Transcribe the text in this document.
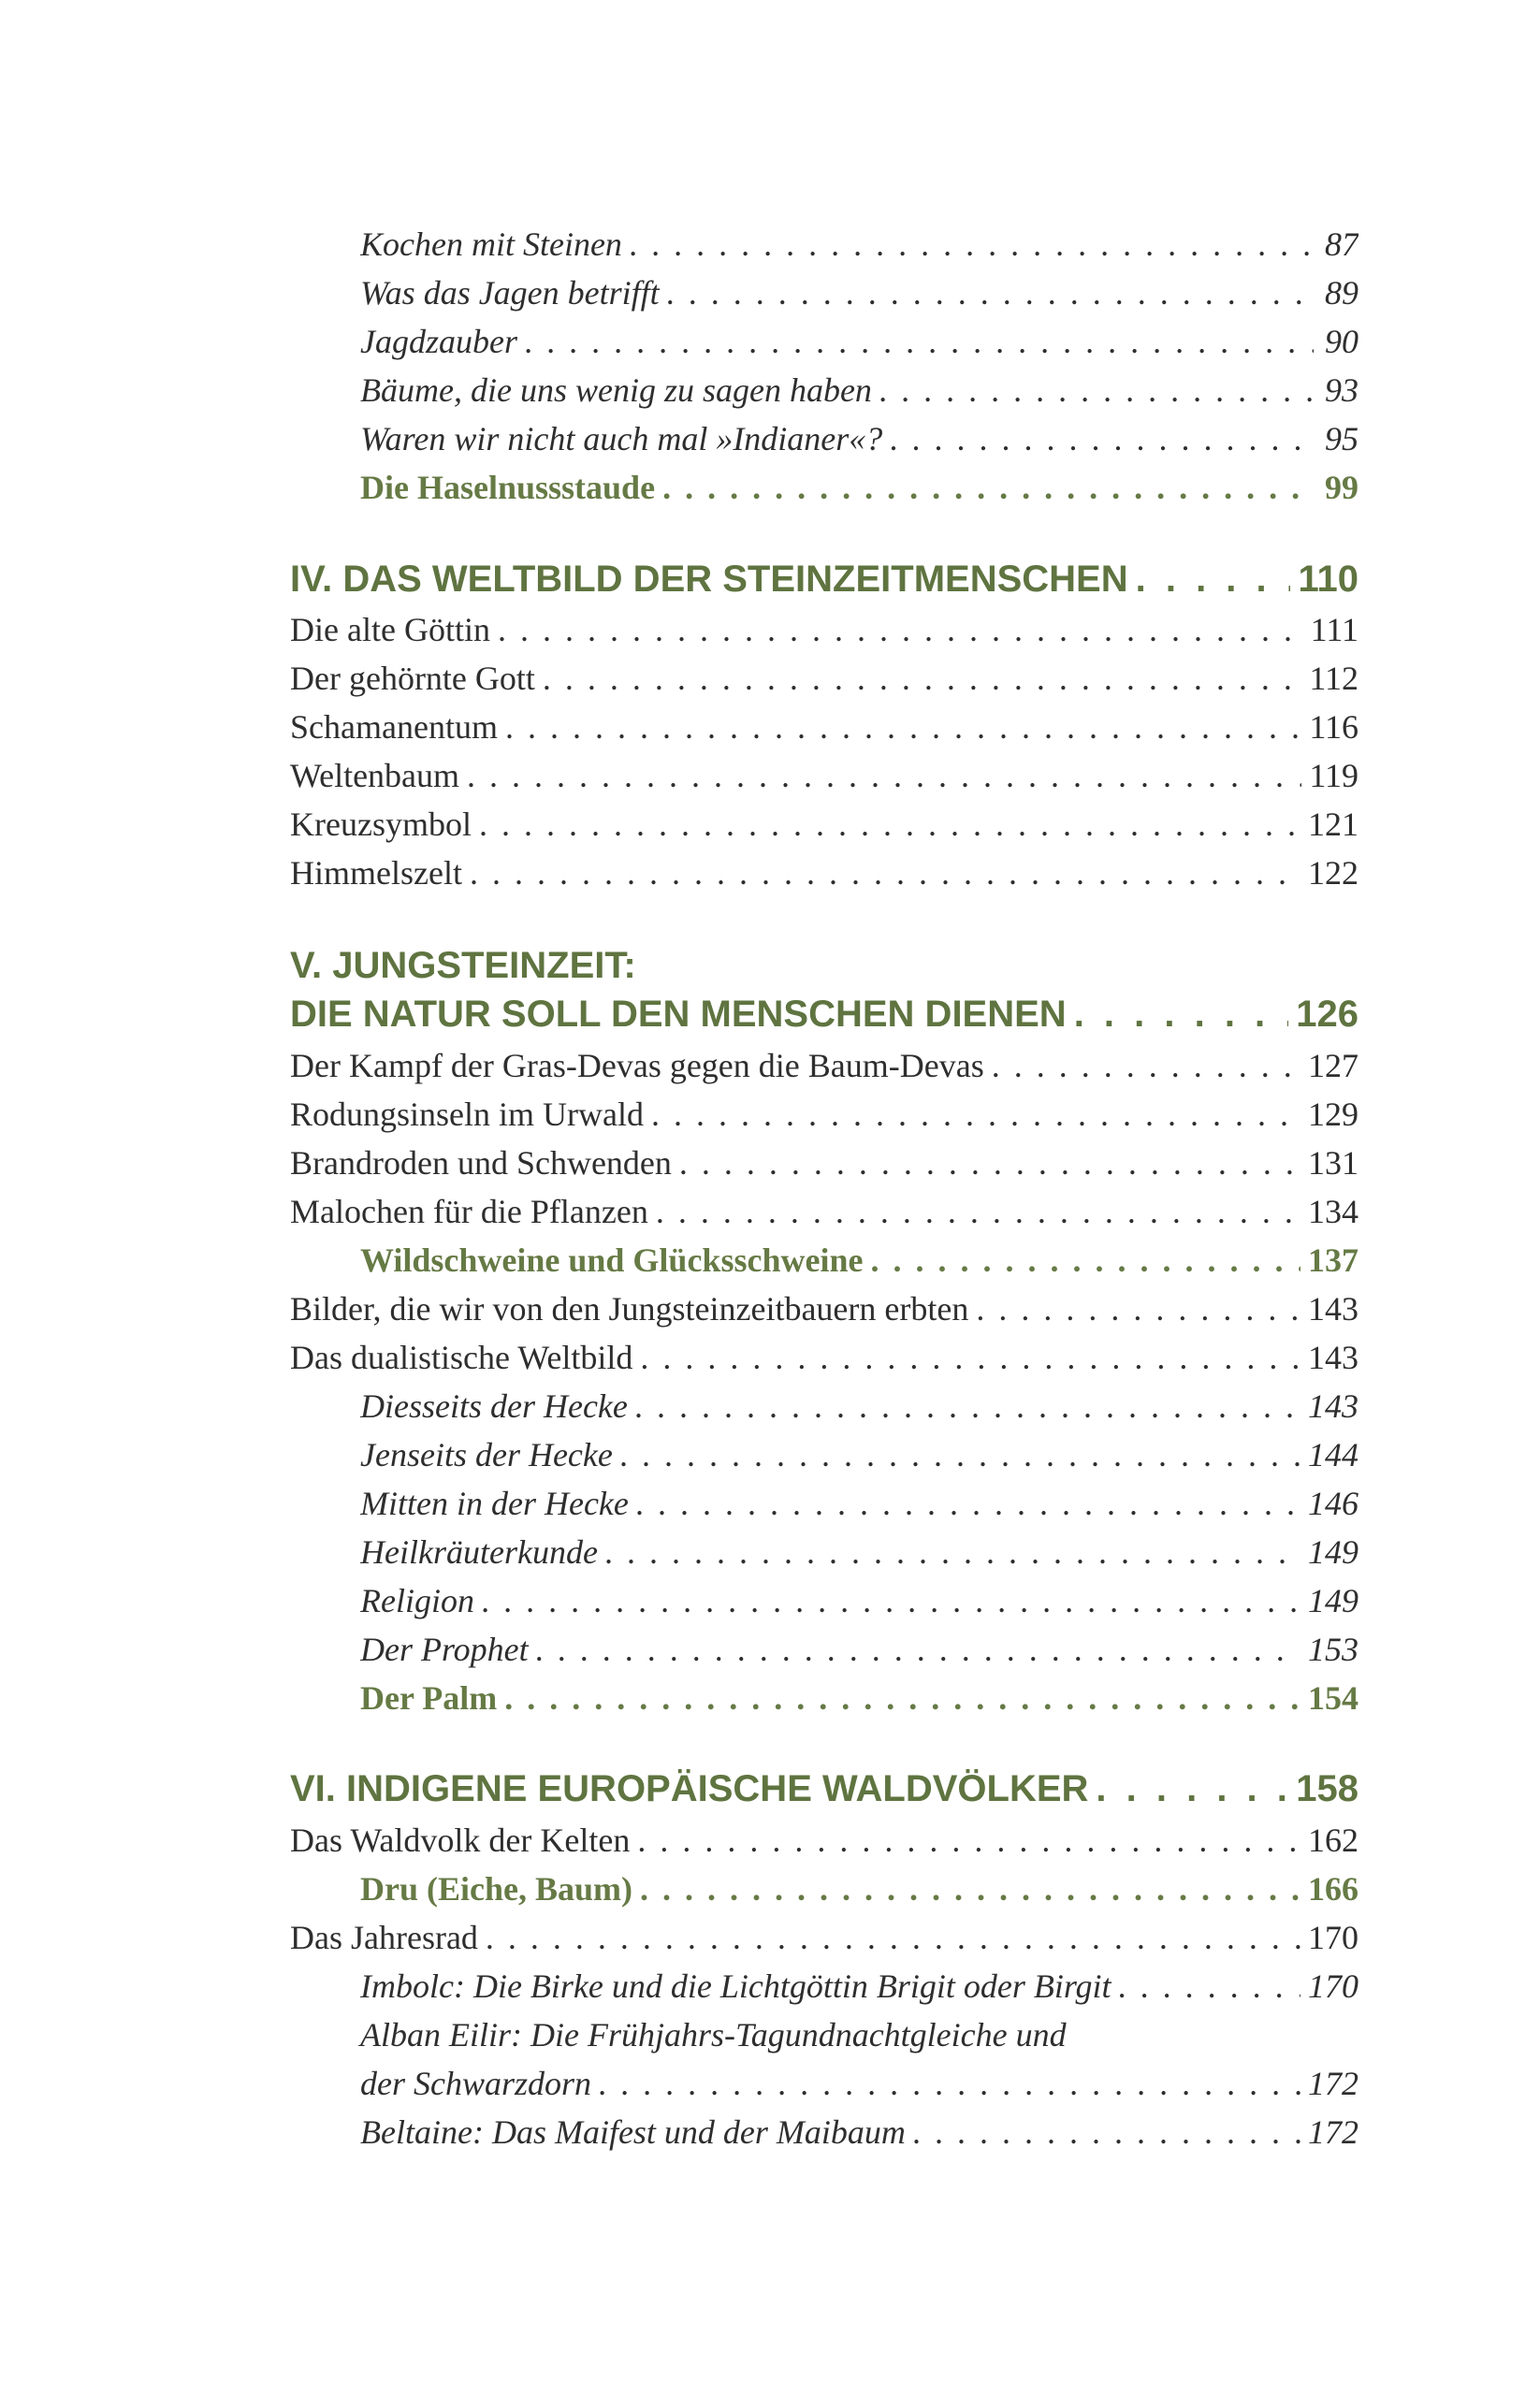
Kochen mit Steinen . . .	87
Was das Jagen betrifft . . .	89
Jagdzauber . . .	90
Bäume, die uns wenig zu sagen haben . . .	93
Waren wir nicht auch mal »Indianer«? . . .	95
Die Haselnussstaude . . .	99
IV. DAS WELTBILD DER STEINZEITMENSCHEN . . .	110
Die alte Göttin . . .	111
Der gehörnte Gott . . .	112
Schamanentum . . .	116
Weltenbaum . . .	119
Kreuzsymbol . . .	121
Himmelszelt . . .	122
V. JUNGSTEINZEIT:
DIE NATUR SOLL DEN MENSCHEN DIENEN . . .	126
Der Kampf der Gras-Devas gegen die Baum-Devas . . .	127
Rodungsinseln im Urwald . . .	129
Brandroden und Schwenden . . .	131
Malochen für die Pflanzen . . .	134
Wildschweine und Glücksschweine . . .	137
Bilder, die wir von den Jungsteinzeitbauern erbten . . .	143
Das dualistische Weltbild . . .	143
Diesseits der Hecke . . .	143
Jenseits der Hecke . . .	144
Mitten in der Hecke . . .	146
Heilkräuterkunde . . .	149
Religion . . .	149
Der Prophet . . .	153
Der Palm . . .	154
VI. INDIGENE EUROPÄISCHE WALDVÖLKER . . .	158
Das Waldvolk der Kelten . . .	162
Dru (Eiche, Baum) . . .	166
Das Jahresrad . . .	170
Imbolc: Die Birke und die Lichtgöttin Brigit oder Birgit . . .	170
Alban Eilir: Die Frühjahrs-Tagundnachtgleiche und
der Schwarzdorn . . .	172
Beltaine: Das Maifest und der Maibaum . . .	172
